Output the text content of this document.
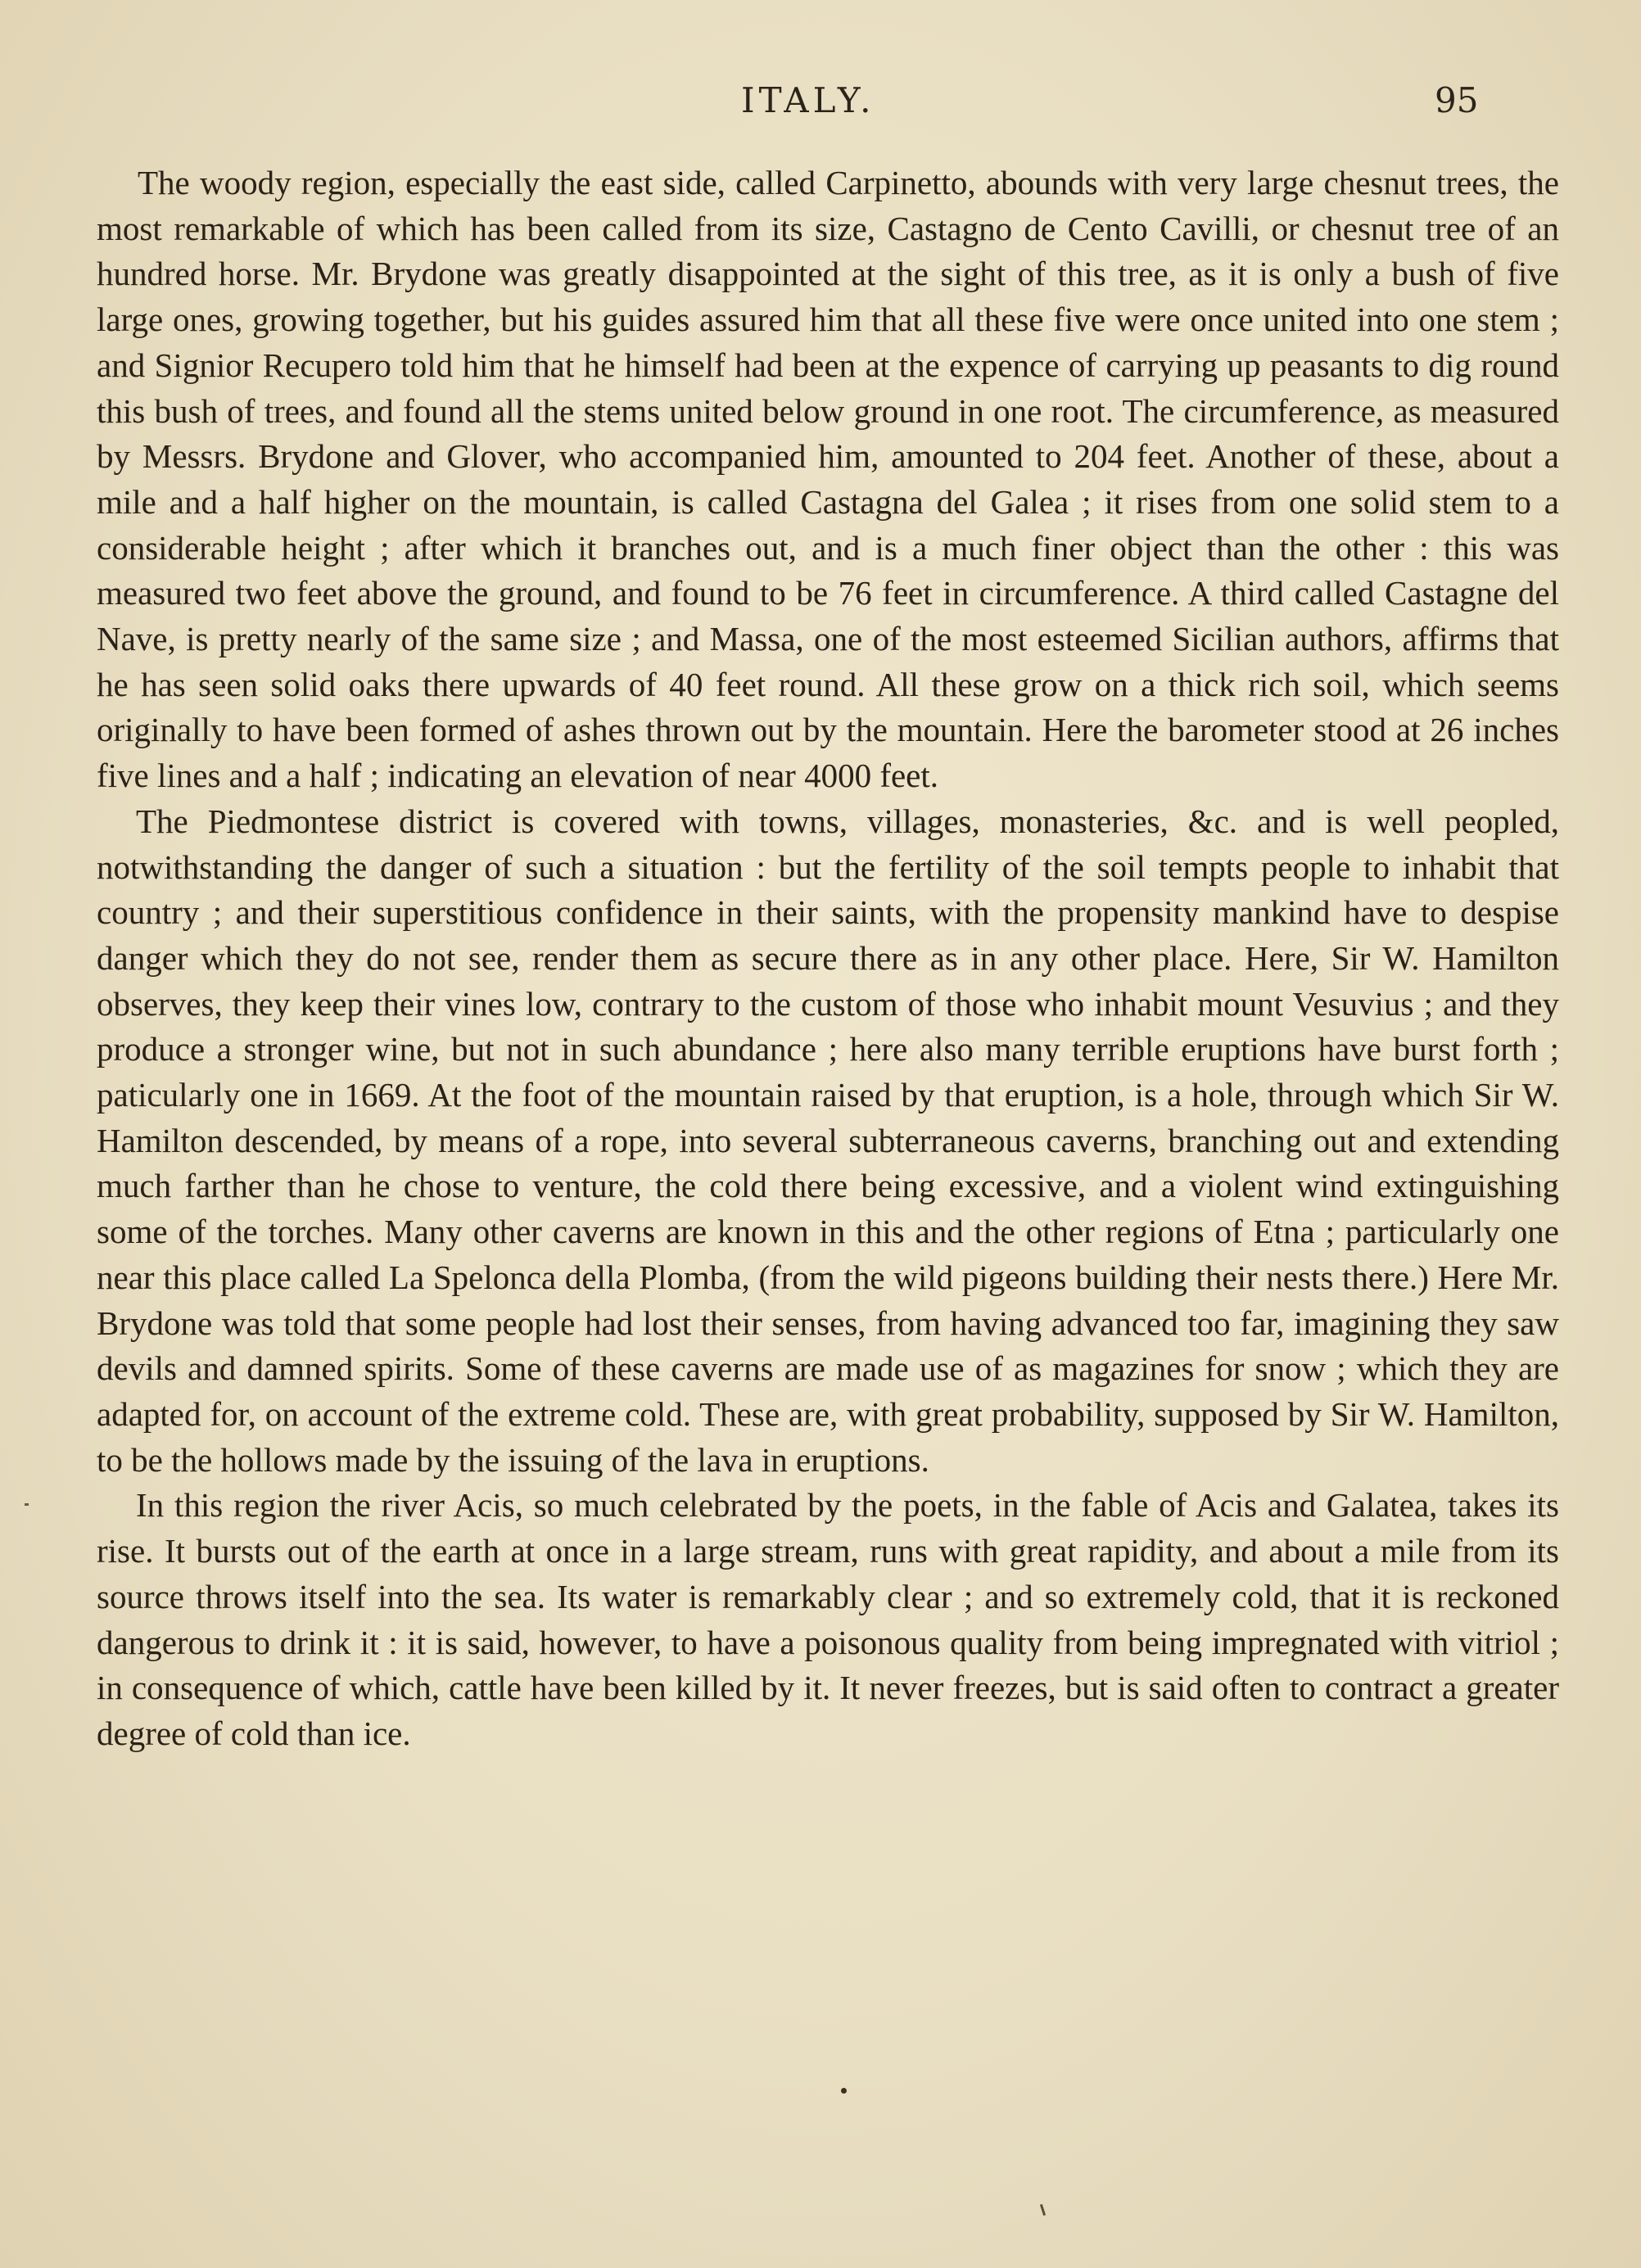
ITALY.	95

The woody region, especially the east side, called Carpinetto, abounds with very large chesnut trees, the most remarkable of which has been called from its size, Castagno de Cento Cavilli, or chesnut tree of an hundred horse. Mr. Brydone was greatly disappointed at the sight of this tree, as it is only a bush of five large ones, growing together, but his guides assured him that all these five were once united into one stem ; and Signior Recupero told him that he himself had been at the expence of carrying up peasants to dig round this bush of trees, and found all the stems united below ground in one root. The circumference, as measured by Messrs. Brydone and Glover, who accompanied him, amounted to 204 feet. Another of these, about a mile and a half higher on the mountain, is called Castagna del Galea ; it rises from one solid stem to a considerable height ; after which it branches out, and is a much finer object than the other : this was measured two feet above the ground, and found to be 76 feet in circumference. A third called Castagne del Nave, is pretty nearly of the same size ; and Massa, one of the most esteemed Sicilian authors, affirms that he has seen solid oaks there upwards of 40 feet round. All these grow on a thick rich soil, which seems originally to have been formed of ashes thrown out by the mountain. Here the barometer stood at 26 inches five lines and a half ; indicating an elevation of near 4000 feet.

The Piedmontese district is covered with towns, villages, monasteries, &c. and is well peopled, notwithstanding the danger of such a situation : but the fertility of the soil tempts people to inhabit that country ; and their superstitious confidence in their saints, with the propensity mankind have to despise danger which they do not see, render them as secure there as in any other place. Here, Sir W. Hamilton observes, they keep their vines low, contrary to the custom of those who inhabit mount Vesuvius ; and they produce a stronger wine, but not in such abundance ; here also many terrible eruptions have burst forth ; paticularly one in 1669. At the foot of the mountain raised by that eruption, is a hole, through which Sir W. Hamilton descended, by means of a rope, into several subterraneous caverns, branching out and extending much farther than he chose to venture, the cold there being excessive, and a violent wind extinguishing some of the torches. Many other caverns are known in this and the other regions of Etna ; particularly one near this place called La Spelonca della Plomba, (from the wild pigeons building their nests there.) Here Mr. Brydone was told that some people had lost their senses, from having advanced too far, imagining they saw devils and damned spirits. Some of these caverns are made use of as magazines for snow ; which they are adapted for, on account of the extreme cold. These are, with great probability, supposed by Sir W. Hamilton, to be the hollows made by the issuing of the lava in eruptions.

In this region the river Acis, so much celebrated by the poets, in the fable of Acis and Galatea, takes its rise. It bursts out of the earth at once in a large stream, runs with great rapidity, and about a mile from its source throws itself into the sea. Its water is remarkably clear ; and so extremely cold, that it is reckoned dangerous to drink it : it is said, however, to have a poisonous quality from being impregnated with vitriol ; in consequence of which, cattle have been killed by it. It never freezes, but is said often to contract a greater degree of cold than ice.
